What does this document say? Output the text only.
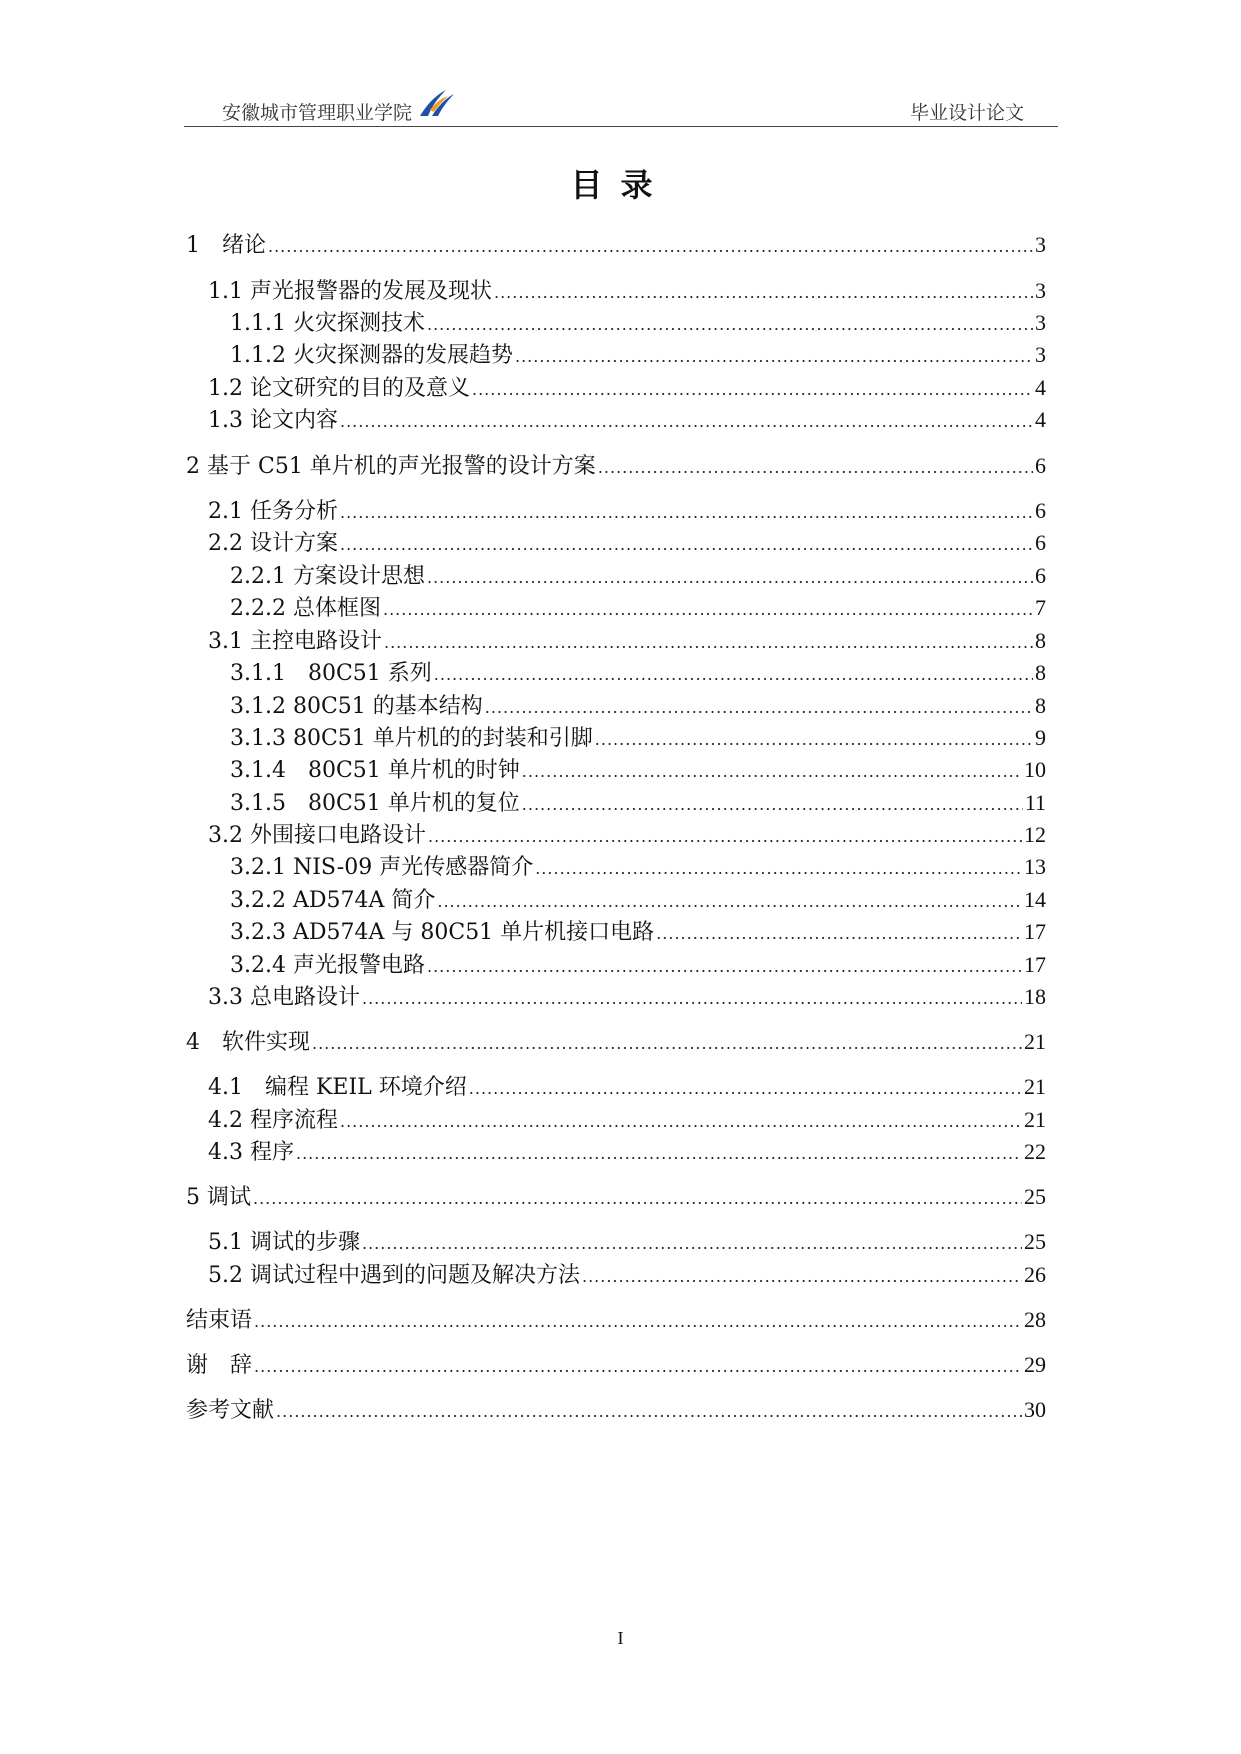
安徽城市管理职业学院	毕业设计论文
目录
1　绪论 .....	3
1.1 声光报警器的发展及现状 .....	3
1.1.1 火灾探测技术 .....	3
1.1.2 火灾探测器的发展趋势 .....	3
1.2 论文研究的目的及意义 .....	4
1.3 论文内容 .....	4
2 基于 C51 单片机的声光报警的设计方案 .....	6
2.1 任务分析 .....	6
2.2 设计方案 .....	6
2.2.1 方案设计思想 .....	6
2.2.2 总体框图 .....	7
3.1 主控电路设计 .....	8
3.1.1　80C51 系列 .....	8
3.1.2 80C51 的基本结构 .....	8
3.1.3 80C51 单片机的的封装和引脚 .....	9
3.1.4　80C51 单片机的时钟 .....	10
3.1.5　80C51 单片机的复位 .....	11
3.2 外围接口电路设计 .....	12
3.2.1 NIS-09 声光传感器简介 .....	13
3.2.2 AD574A 简介 .....	14
3.2.3 AD574A 与 80C51 单片机接口电路 .....	17
3.2.4 声光报警电路 .....	17
3.3 总电路设计 .....	18
4　软件实现 .....	21
4.1　编程 KEIL 环境介绍 .....	21
4.2 程序流程 .....	21
4.3 程序 .....	22
5 调试 .....	25
5.1 调试的步骤 .....	25
5.2 调试过程中遇到的问题及解决方法 .....	26
结束语 .....	28
谢　辞 .....	29
参考文献 .....	30
I
